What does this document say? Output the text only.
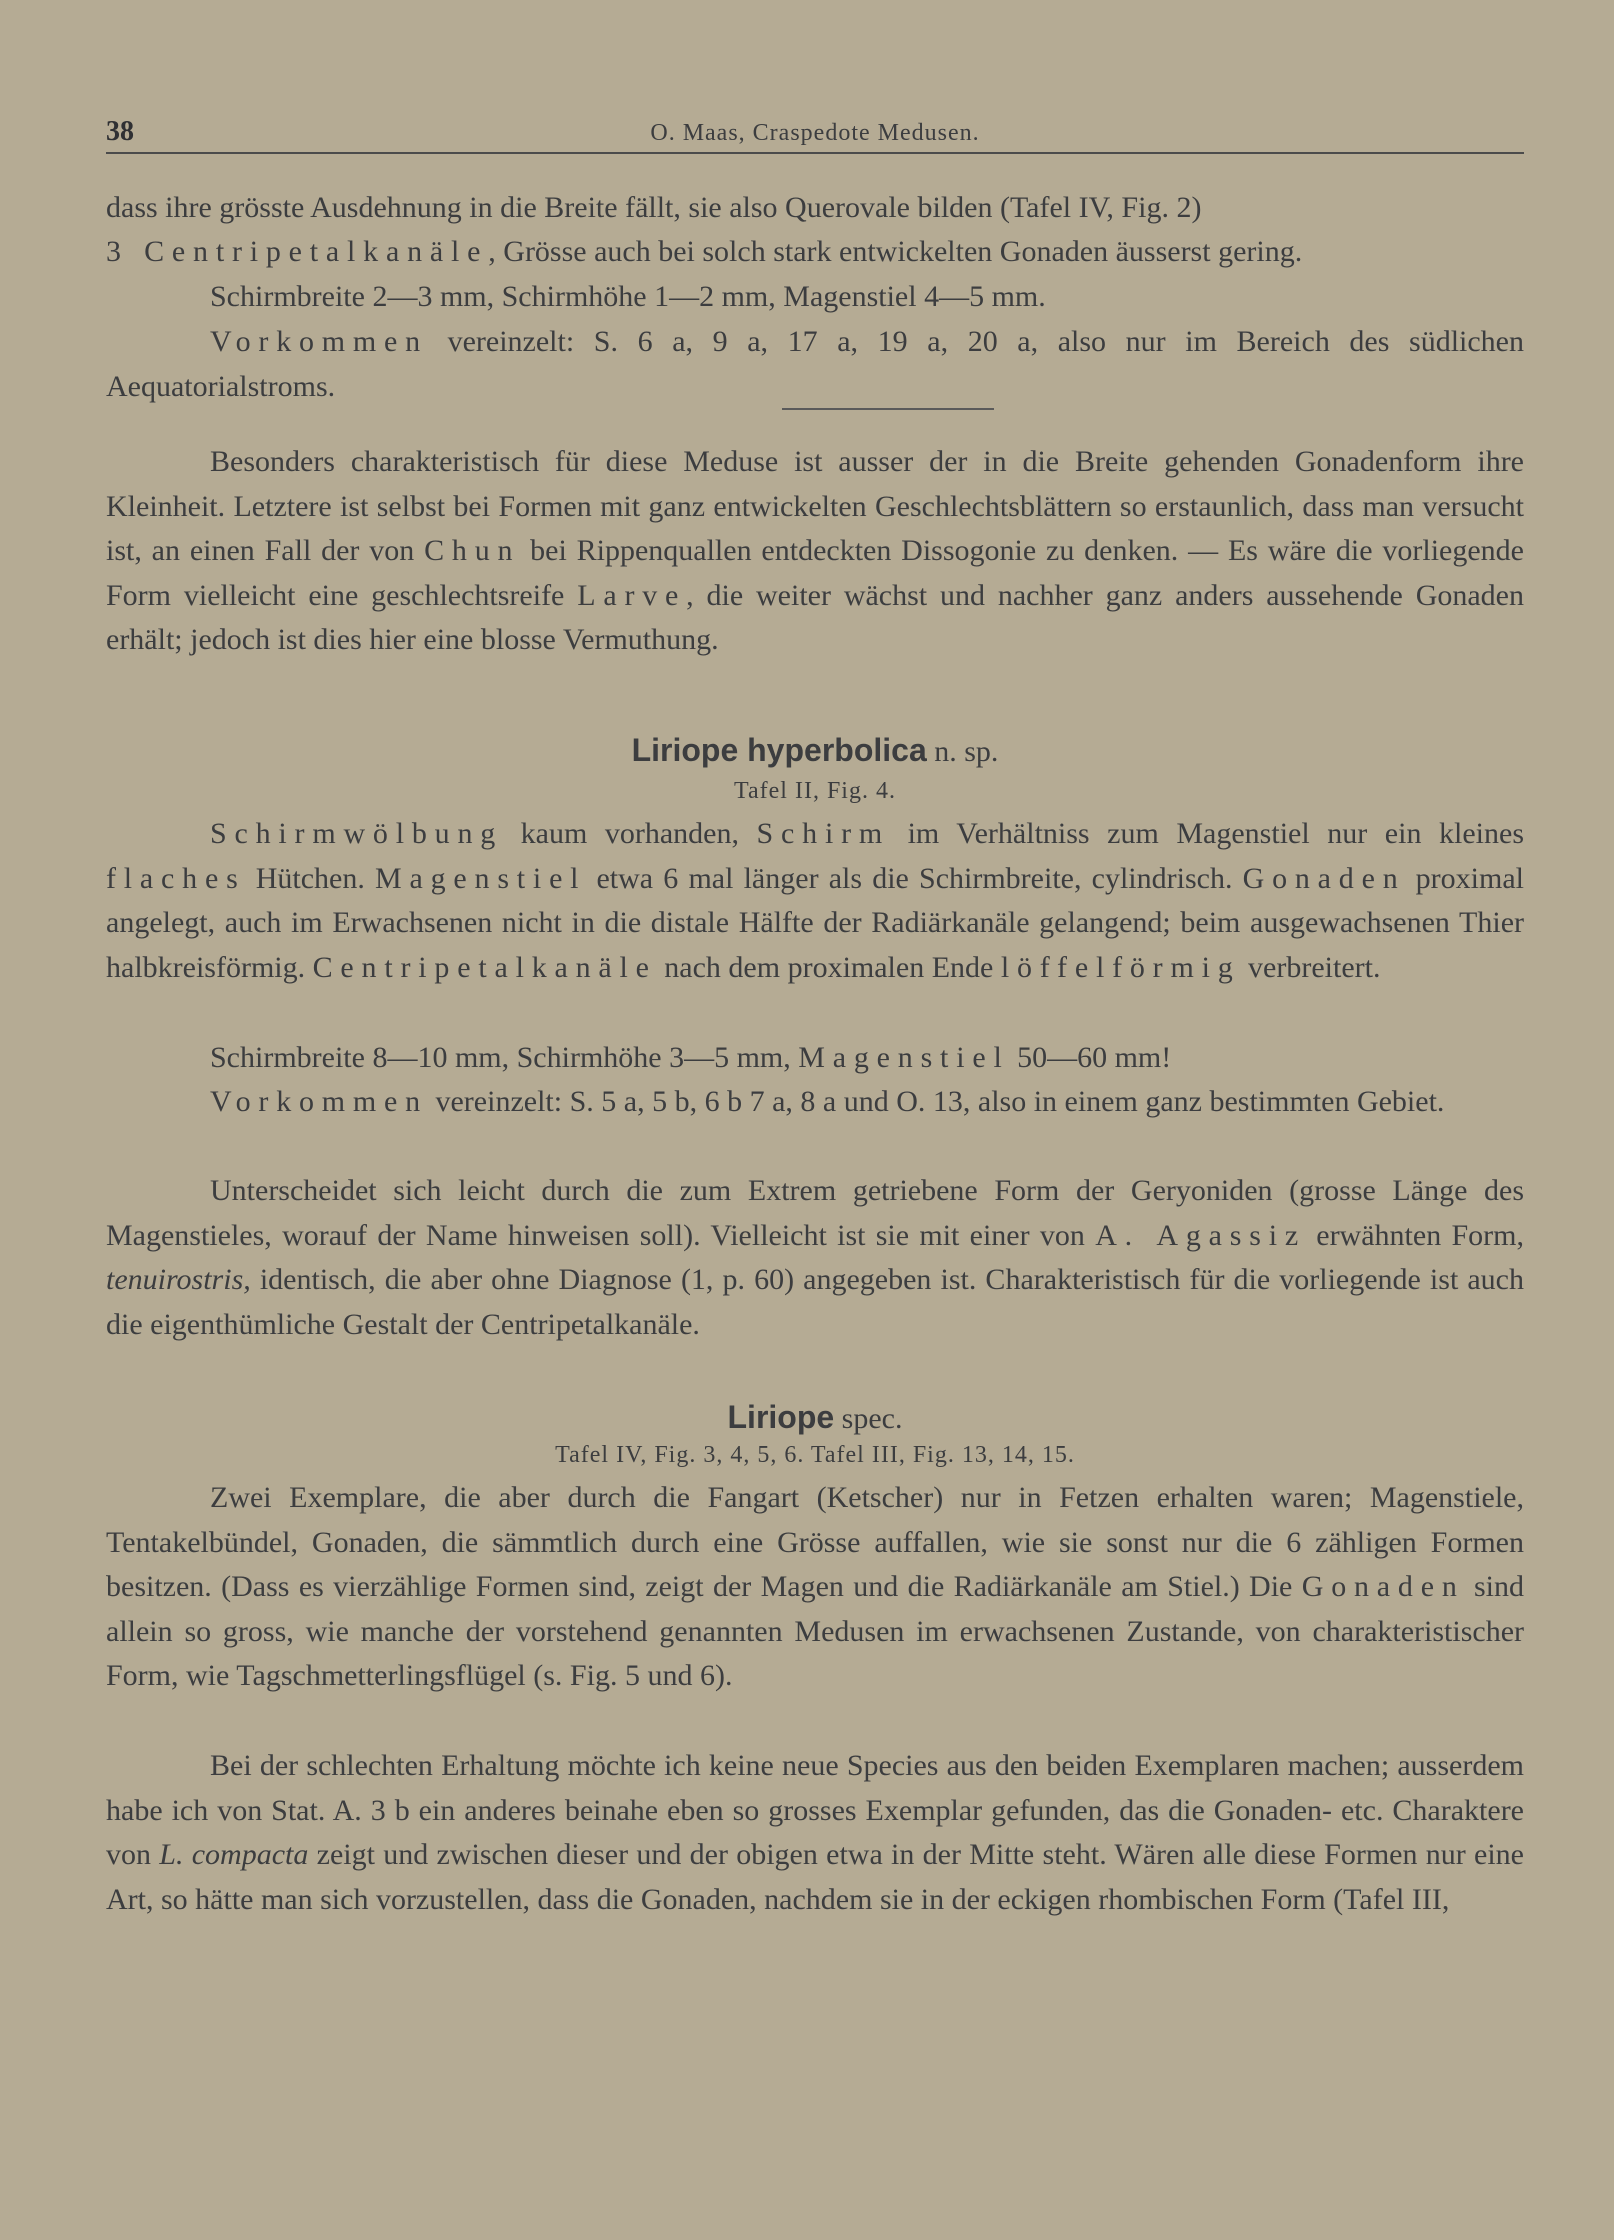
38	O. Maas, Craspedote Medusen.

dass ihre grösste Ausdehnung in die Breite fällt, sie also Querovale bilden (Tafel IV, Fig. 2)

3 Centripetalkanäle, Grösse auch bei solch stark entwickelten Gonaden äusserst gering.

Schirmbreite 2—3 mm, Schirmhöhe 1—2 mm, Magenstiel 4—5 mm.

Vorkommen vereinzelt: S. 6 a, 9 a, 17 a, 19 a, 20 a, also nur im Bereich des südlichen Aequatorialstroms.

Besonders charakteristisch für diese Meduse ist ausser der in die Breite gehenden Gonadenform ihre Kleinheit. Letztere ist selbst bei Formen mit ganz entwickelten Geschlechtsblättern so erstaunlich, dass man versucht ist, an einen Fall der von Chun bei Rippenquallen entdeckten Dissogonie zu denken. — Es wäre die vorliegende Form vielleicht eine geschlechtsreife Larve, die weiter wächst und nachher ganz anders aussehende Gonaden erhält; jedoch ist dies hier eine blosse Vermuthung.

Liriope hyperbolica n. sp.

Tafel II, Fig. 4.

Schirmwölbung kaum vorhanden, Schirm im Verhältniss zum Magenstiel nur ein kleines flaches Hütchen. Magenstiel etwa 6 mal länger als die Schirmbreite, cylindrisch. Gonaden proximal angelegt, auch im Erwachsenen nicht in die distale Hälfte der Radiärkanäle gelangend; beim ausgewachsenen Thier halbkreisförmig. Centripetalkanäle nach dem proximalen Ende löffelförmig verbreitert.

Schirmbreite 8—10 mm, Schirmhöhe 3—5 mm, Magenstiel 50—60 mm!

Vorkommen vereinzelt: S. 5 a, 5 b, 6 b 7 a, 8 a und O. 13, also in einem ganz bestimmten Gebiet.

Unterscheidet sich leicht durch die zum Extrem getriebene Form der Geryoniden (grosse Länge des Magenstieles, worauf der Name hinweisen soll). Vielleicht ist sie mit einer von A. Agassiz erwähnten Form, tenuirostris, identisch, die aber ohne Diagnose (1, p. 60) angegeben ist. Charakteristisch für die vorliegende ist auch die eigenthümliche Gestalt der Centripetalkanäle.

Liriope spec.

Tafel IV, Fig. 3, 4, 5, 6. Tafel III, Fig. 13, 14, 15.

Zwei Exemplare, die aber durch die Fangart (Ketscher) nur in Fetzen erhalten waren; Magenstiele, Tentakelbündel, Gonaden, die sämmtlich durch eine Grösse auffallen, wie sie sonst nur die 6 zähligen Formen besitzen. (Dass es vierzählige Formen sind, zeigt der Magen und die Radiärkanäle am Stiel.) Die Gonaden sind allein so gross, wie manche der vorstehend genannten Medusen im erwachsenen Zustande, von charakteristischer Form, wie Tagschmetterlingsflügel (s. Fig. 5 und 6).

Bei der schlechten Erhaltung möchte ich keine neue Species aus den beiden Exemplaren machen; ausserdem habe ich von Stat. A. 3 b ein anderes beinahe eben so grosses Exemplar gefunden, das die Gonaden- etc. Charaktere von L. compacta zeigt und zwischen dieser und der obigen etwa in der Mitte steht. Wären alle diese Formen nur eine Art, so hätte man sich vorzustellen, dass die Gonaden, nachdem sie in der eckigen rhombischen Form (Tafel III,
